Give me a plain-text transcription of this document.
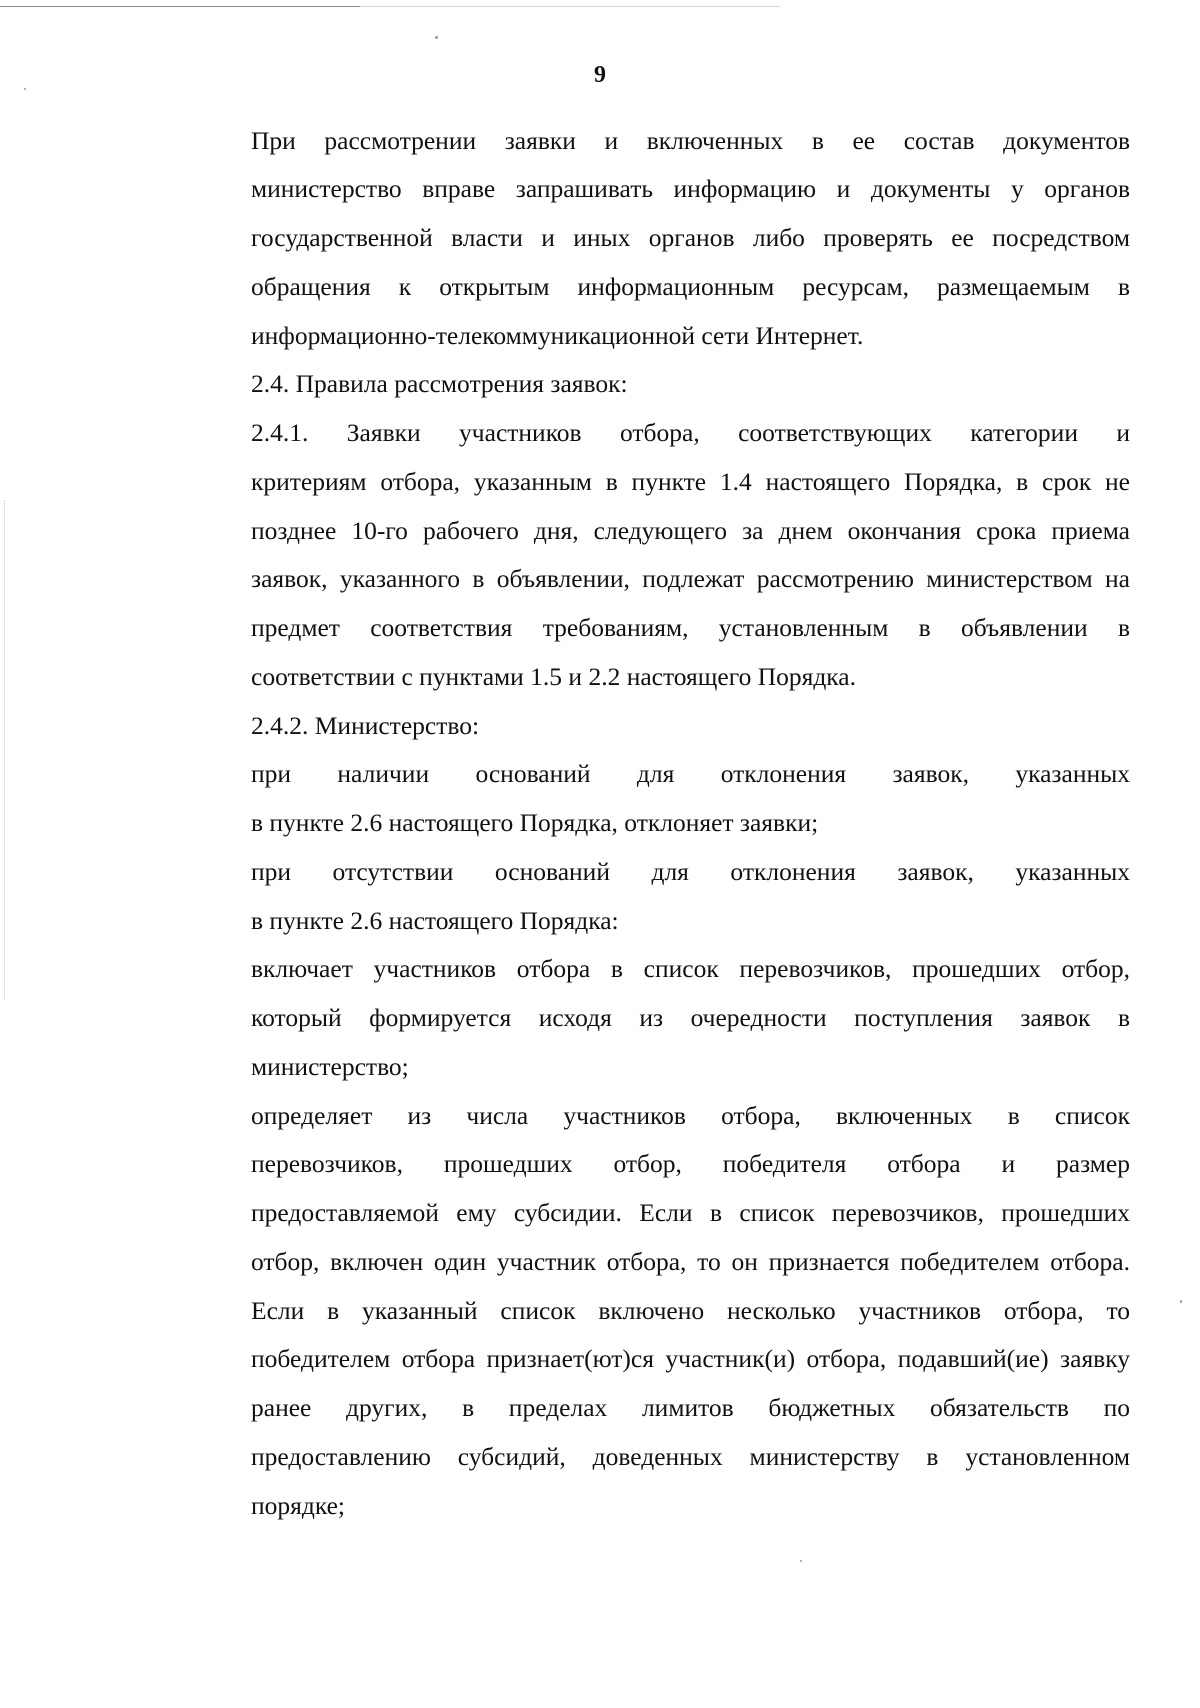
9
При рассмотрении заявки и включенных в ее состав документов
министерство вправе запрашивать информацию и документы у органов
государственной власти и иных органов либо проверять ее посредством
обращения к открытым информационным ресурсам, размещаемым в
информационно-телекоммуникационной сети Интернет.
2.4. Правила рассмотрения заявок:
2.4.1. Заявки участников отбора, соответствующих категории и
критериям отбора, указанным в пункте 1.4 настоящего Порядка, в срок не
позднее 10-го рабочего дня, следующего за днем окончания срока приема
заявок, указанного в объявлении, подлежат рассмотрению министерством на
предмет соответствия требованиям, установленным в объявлении в
соответствии с пунктами 1.5 и 2.2 настоящего Порядка.
2.4.2. Министерство:
при наличии оснований для отклонения заявок, указанных
в пункте 2.6 настоящего Порядка, отклоняет заявки;
при отсутствии оснований для отклонения заявок, указанных
в пункте 2.6 настоящего Порядка:
включает участников отбора в список перевозчиков, прошедших отбор,
который формируется исходя из очередности поступления заявок в
министерство;
определяет из числа участников отбора, включенных в список
перевозчиков, прошедших отбор, победителя отбора и размер
предоставляемой ему субсидии. Если в список перевозчиков, прошедших
отбор, включен один участник отбора, то он признается победителем отбора.
Если в указанный список включено несколько участников отбора, то
победителем отбора признает(ют)ся участник(и) отбора, подавший(ие) заявку
ранее других, в пределах лимитов бюджетных обязательств по
предоставлению субсидий, доведенных министерству в установленном
порядке;
